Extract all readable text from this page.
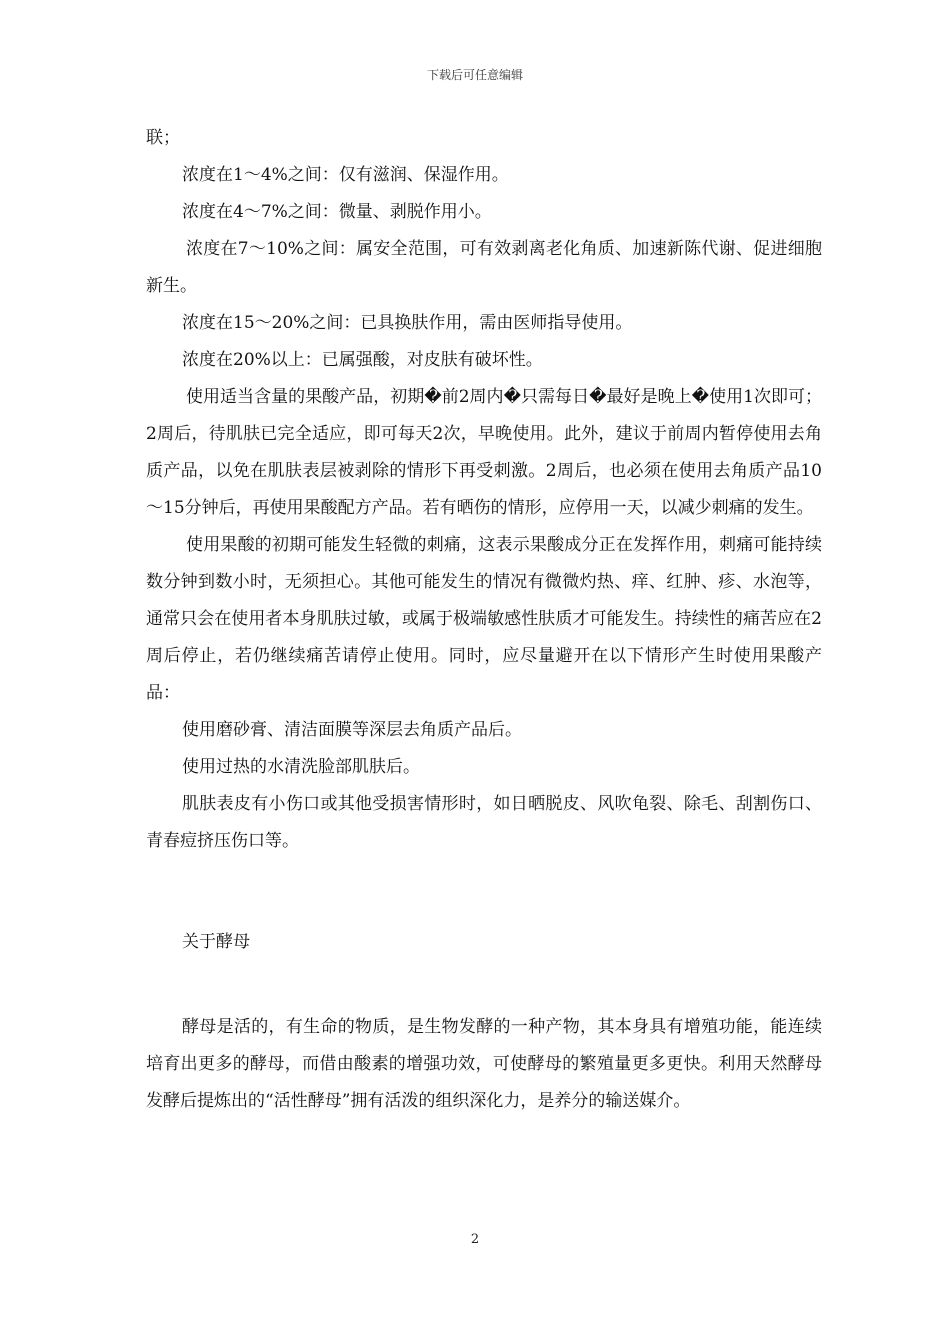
下载后可任意编辑

联；

浓度在1～4%之间：仅有滋润、保湿作用。

浓度在4～7%之间：微量、剥脱作用小。

浓度在7～10%之间：属安全范围，可有效剥离老化角质、加速新陈代谢、促进细胞新生。

浓度在15～20%之间：已具换肤作用，需由医师指导使用。

浓度在20%以上：已属强酸，对皮肤有破坏性。

使用适当含量的果酸产品，初期�前2周内�只需每日�最好是晚上�使用1次即可；2周后，待肌肤已完全适应，即可每天2次，早晚使用。此外，建议于前周内暂停使用去角质产品，以免在肌肤表层被剥除的情形下再受刺激。2周后，也必须在使用去角质产品10～15分钟后，再使用果酸配方产品。若有晒伤的情形，应停用一天，以减少刺痛的发生。

使用果酸的初期可能发生轻微的刺痛，这表示果酸成分正在发挥作用，刺痛可能持续数分钟到数小时，无须担心。其他可能发生的情况有微微灼热、痒、红肿、疹、水泡等，通常只会在使用者本身肌肤过敏，或属于极端敏感性肤质才可能发生。持续性的痛苦应在2周后停止，若仍继续痛苦请停止使用。同时，应尽量避开在以下情形产生时使用果酸产品：

使用磨砂膏、清洁面膜等深层去角质产品后。

使用过热的水清洗脸部肌肤后。

肌肤表皮有小伤口或其他受损害情形时，如日晒脱皮、风吹龟裂、除毛、刮割伤口、青春痘挤压伤口等。

关于酵母

酵母是活的，有生命的物质，是生物发酵的一种产物，其本身具有增殖功能，能连续培育出更多的酵母，而借由酸素的增强功效，可使酵母的繁殖量更多更快。利用天然酵母发酵后提炼出的“活性酵母”拥有活泼的组织深化力，是养分的输送媒介。

2
